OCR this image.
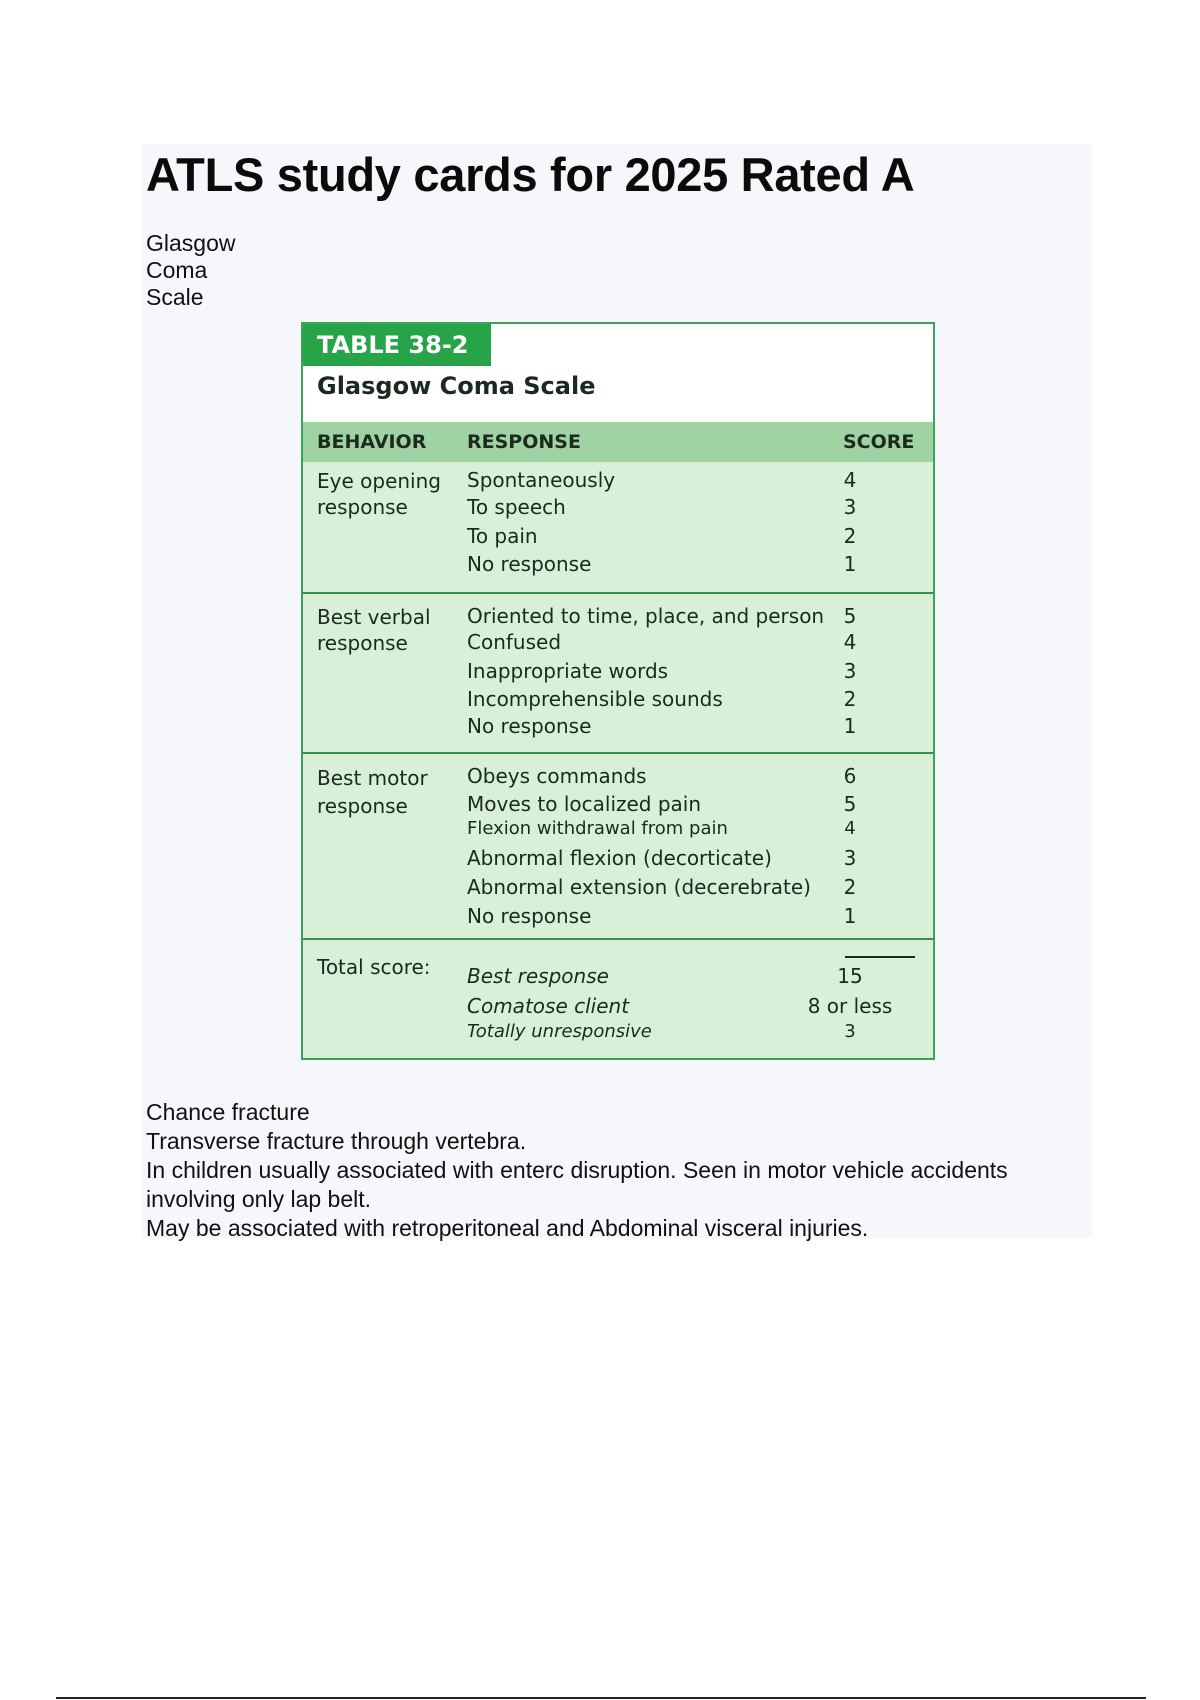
ATLS study cards for 2025 Rated A
Glasgow
Coma
Scale
TABLE 38-2
Glasgow Coma Scale
BEHAVIOR RESPONSE	SCORE
Eye opening response
Spontaneously	4
To speech	3
To pain	2
No response	1
Best verbal response
Oriented to time, place, and person 5
Confused	4
Inappropriate words	3
Incomprehensible sounds	2
No response	1
Best motor response
Obeys commands	6
Moves to localized pain	5
Flexion withdrawal from pain	4
Abnormal flexion (decorticate)	3
Abnormal extension (decerebrate)	2
No response	1
Total score:	Best response	15
Comatose client	8 or less
Totally unresponsive	3
Chance fracture
Transverse fracture through vertebra.
In children usually associated with enterc disruption. Seen in motor vehicle accidents
involving only lap belt.
May be associated with retroperitoneal and Abdominal visceral injuries.
